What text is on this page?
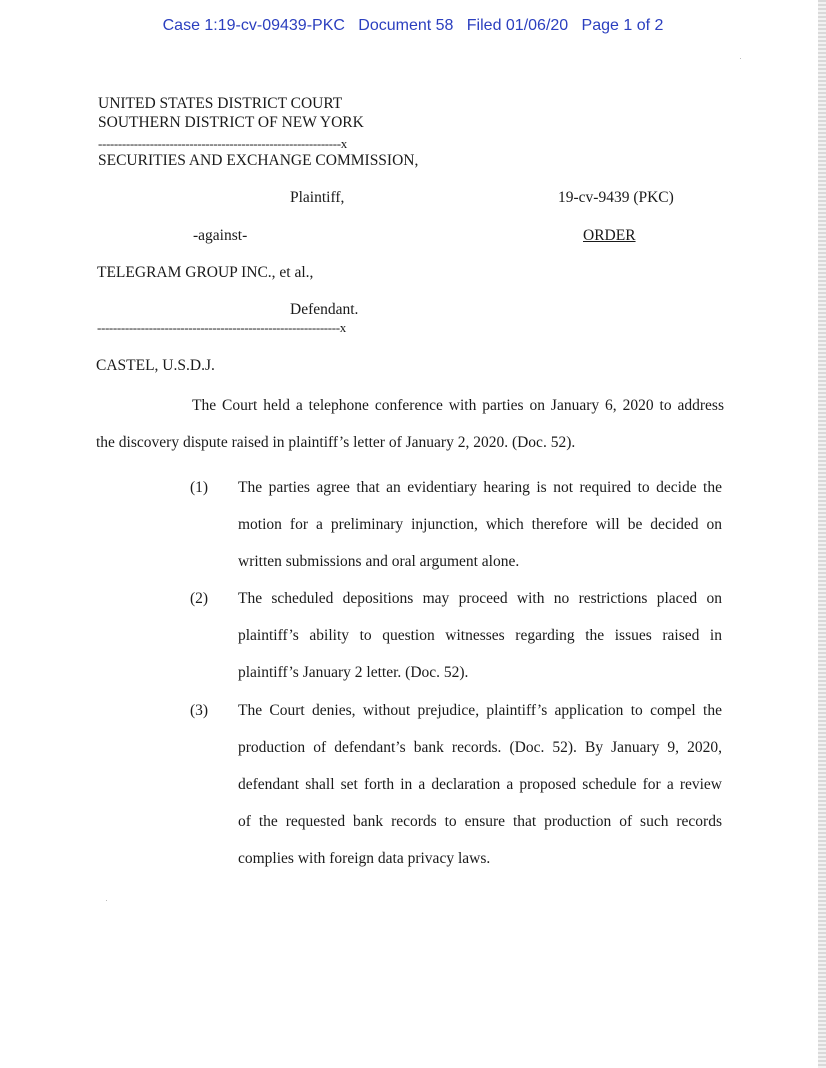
Case 1:19-cv-09439-PKC Document 58 Filed 01/06/20 Page 1 of 2
UNITED STATES DISTRICT COURT
SOUTHERN DISTRICT OF NEW YORK
-------------------------------------------------------------x
SECURITIES AND EXCHANGE COMMISSION,
Plaintiff,	19-cv-9439 (PKC)
-against-	ORDER
TELEGRAM GROUP INC., et al.,
Defendant.
-------------------------------------------------------------x
CASTEL, U.S.D.J.
The Court held a telephone conference with parties on January 6, 2020 to address
the discovery dispute raised in plaintiff’s letter of January 2, 2020. (Doc. 52).
(1) The parties agree that an evidentiary hearing is not required to decide the
motion for a preliminary injunction, which therefore will be decided on
written submissions and oral argument alone.
(2) The scheduled depositions may proceed with no restrictions placed on
plaintiff’s ability to question witnesses regarding the issues raised in
plaintiff’s January 2 letter. (Doc. 52).
(3) The Court denies, without prejudice, plaintiff’s application to compel the
production of defendant’s bank records. (Doc. 52). By January 9, 2020,
defendant shall set forth in a declaration a proposed schedule for a review
of the requested bank records to ensure that production of such records
complies with foreign data privacy laws.
